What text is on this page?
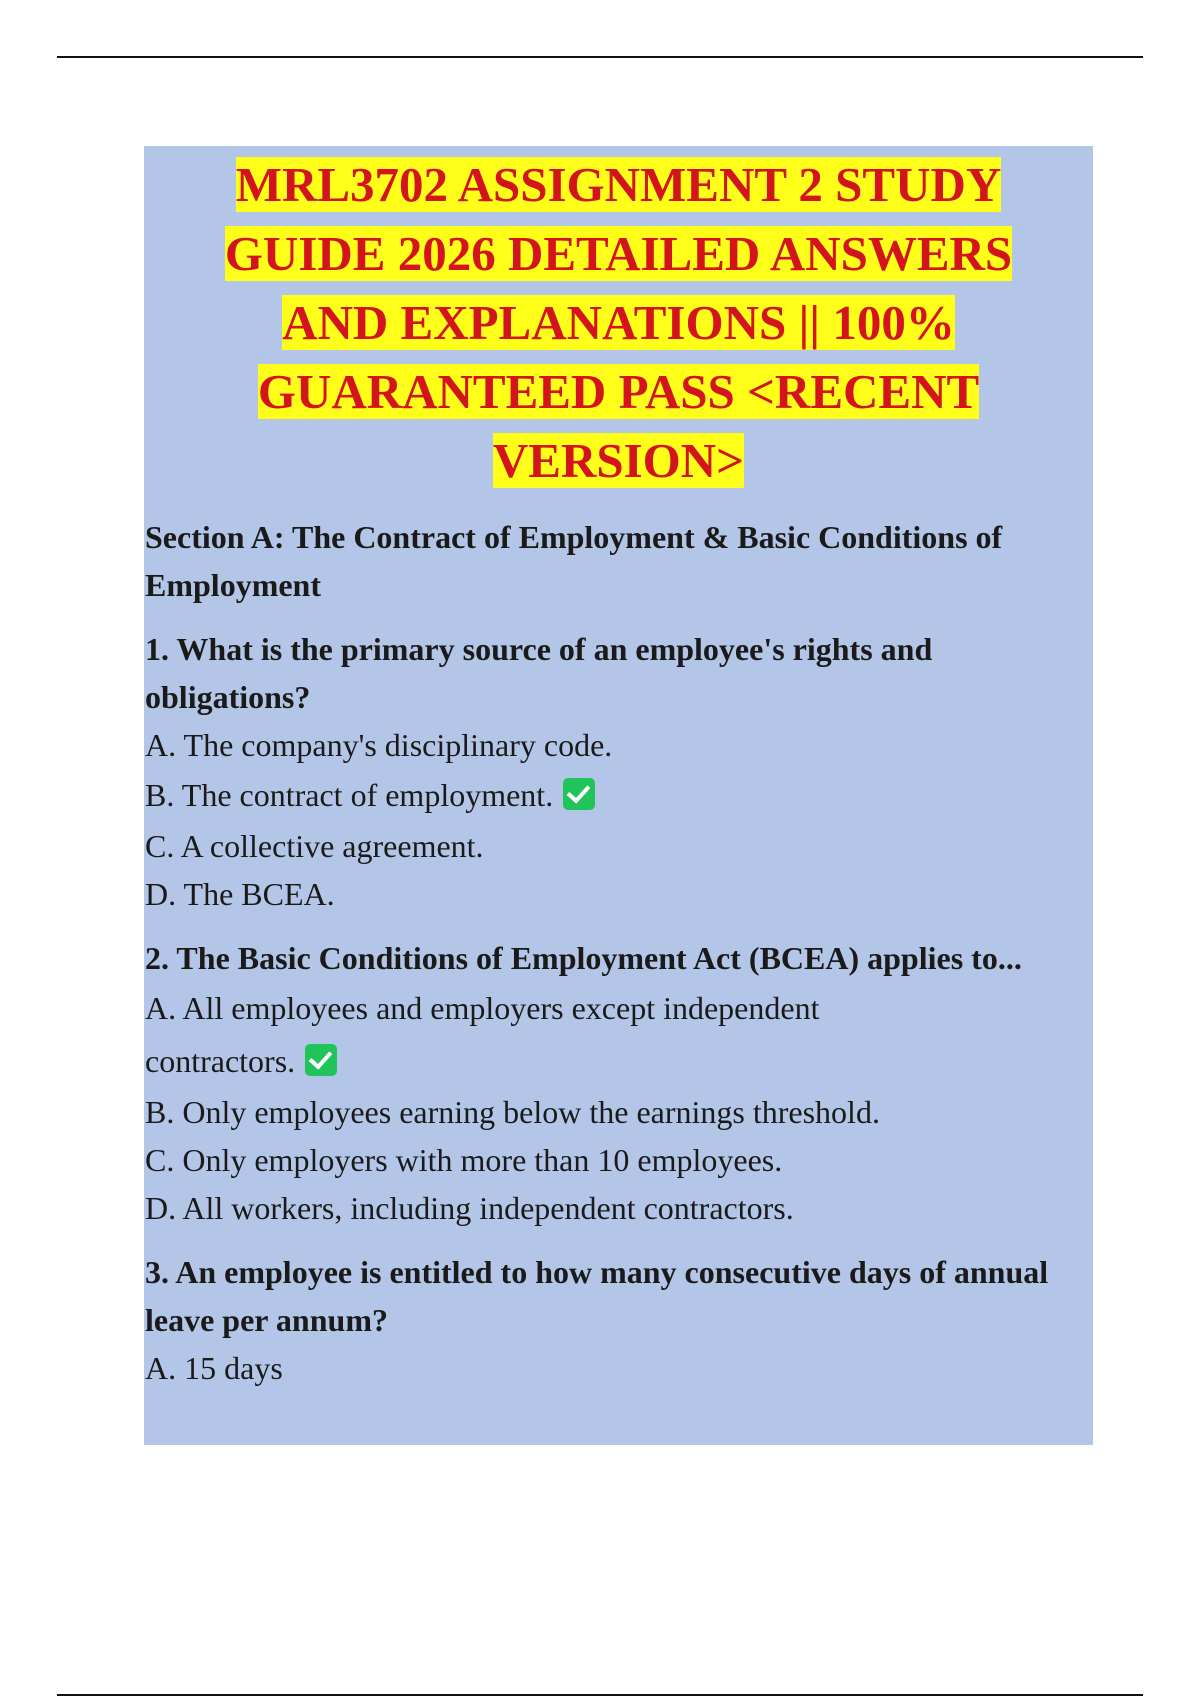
MRL3702 ASSIGNMENT 2 STUDY
GUIDE 2026 DETAILED ANSWERS
AND EXPLANATIONS || 100%
GUARANTEED PASS <RECENT
VERSION>
Section A: The Contract of Employment & Basic Conditions of Employment

1. What is the primary source of an employee's rights and obligations?

A. The company's disciplinary code.
B. The contract of employment.
C. A collective agreement.
D. The BCEA.

2. The Basic Conditions of Employment Act (BCEA) applies to...

A. All employees and employers except independent contractors.
B. Only employees earning below the earnings threshold.
C. Only employers with more than 10 employees.
D. All workers, including independent contractors.

3. An employee is entitled to how many consecutive days of annual leave per annum?

A. 15 days
